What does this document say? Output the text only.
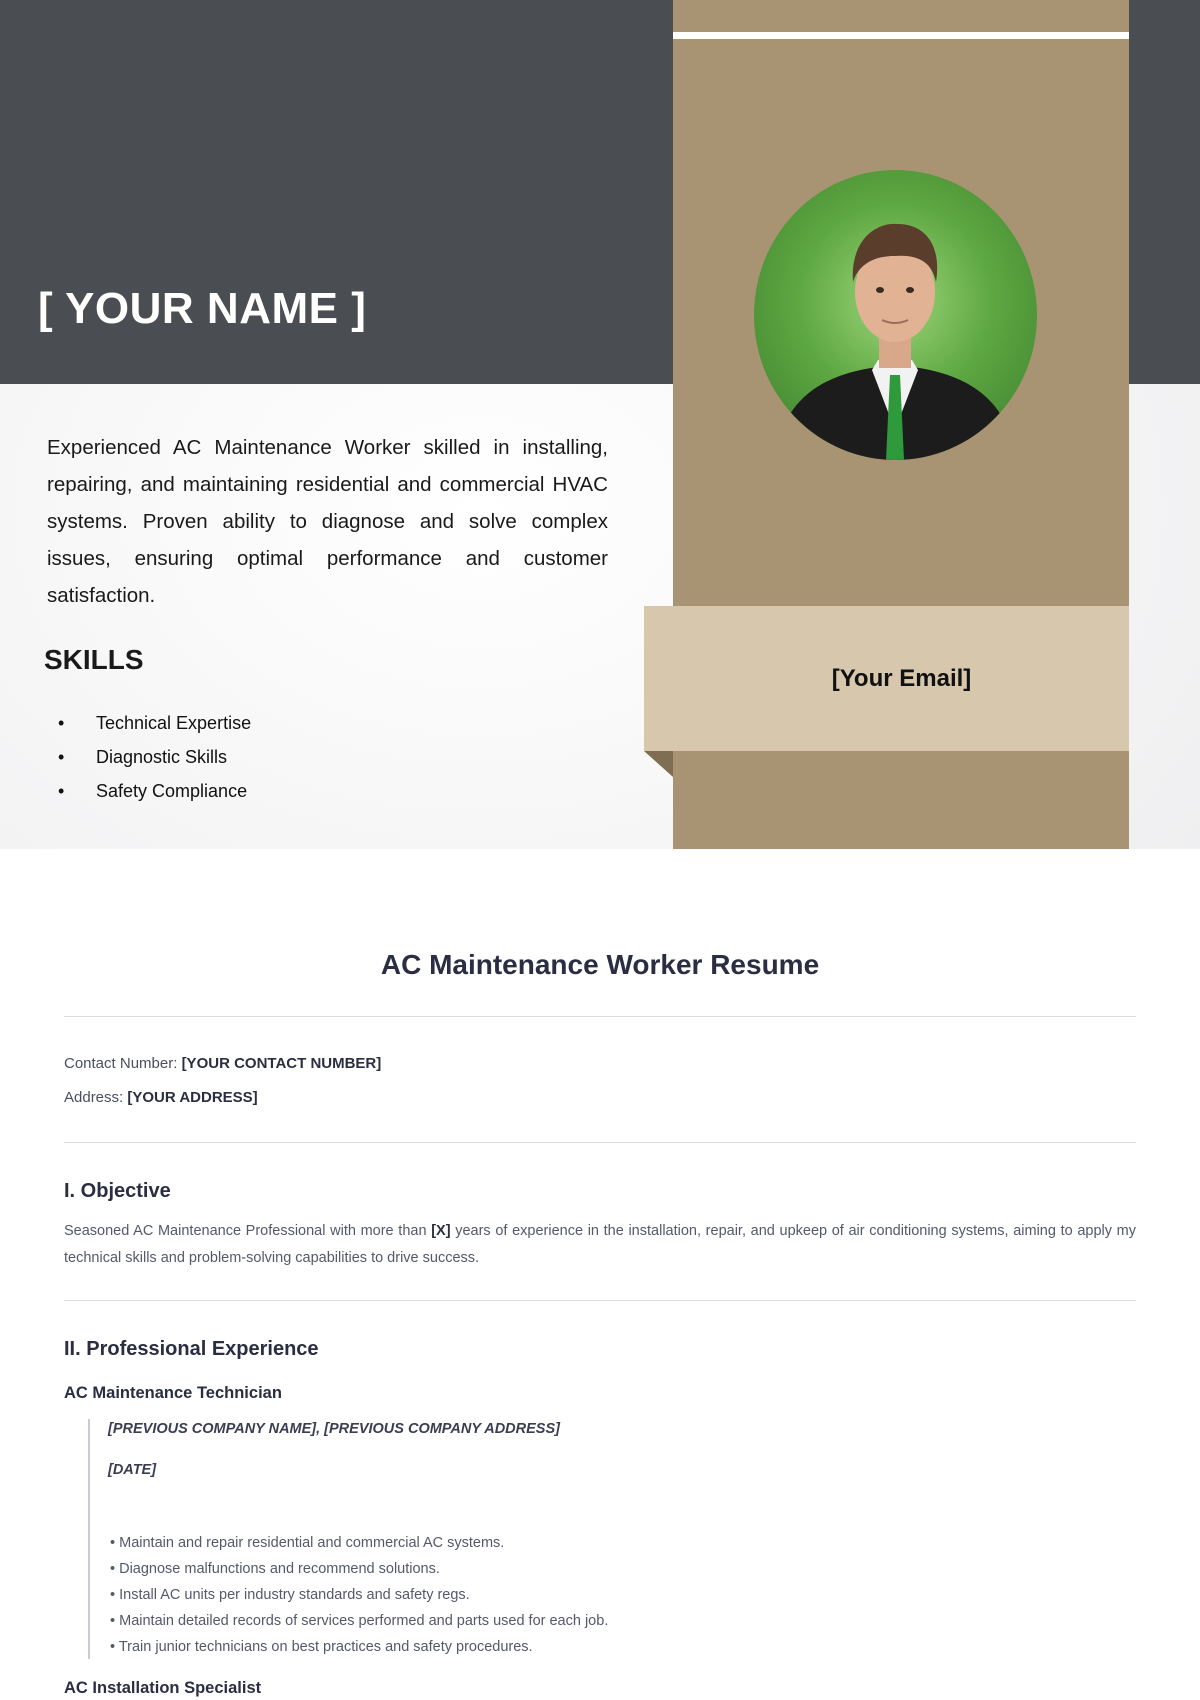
[ YOUR NAME ]
[Your Email]

Experienced AC Maintenance Worker skilled in installing, repairing, and maintaining residential and commercial HVAC systems. Proven ability to diagnose and solve complex issues, ensuring optimal performance and customer satisfaction.

SKILLS
• Technical Expertise
• Diagnostic Skills
• Safety Compliance
AC Maintenance Worker Resume
Contact Number: [YOUR CONTACT NUMBER]
Address: [YOUR ADDRESS]
I. Objective

Seasoned AC Maintenance Professional with more than [X] years of experience in the installation, repair, and upkeep of air conditioning systems, aiming to apply my technical skills and problem-solving capabilities to drive success.

II. Professional Experience
AC Maintenance Technician
[PREVIOUS COMPANY NAME], [PREVIOUS COMPANY ADDRESS]
[DATE]
• Maintain and repair residential and commercial AC systems.
• Diagnose malfunctions and recommend solutions.
• Install AC units per industry standards and safety regs.
• Maintain detailed records of services performed and parts used for each job.
• Train junior technicians on best practices and safety procedures.
AC Installation Specialist
